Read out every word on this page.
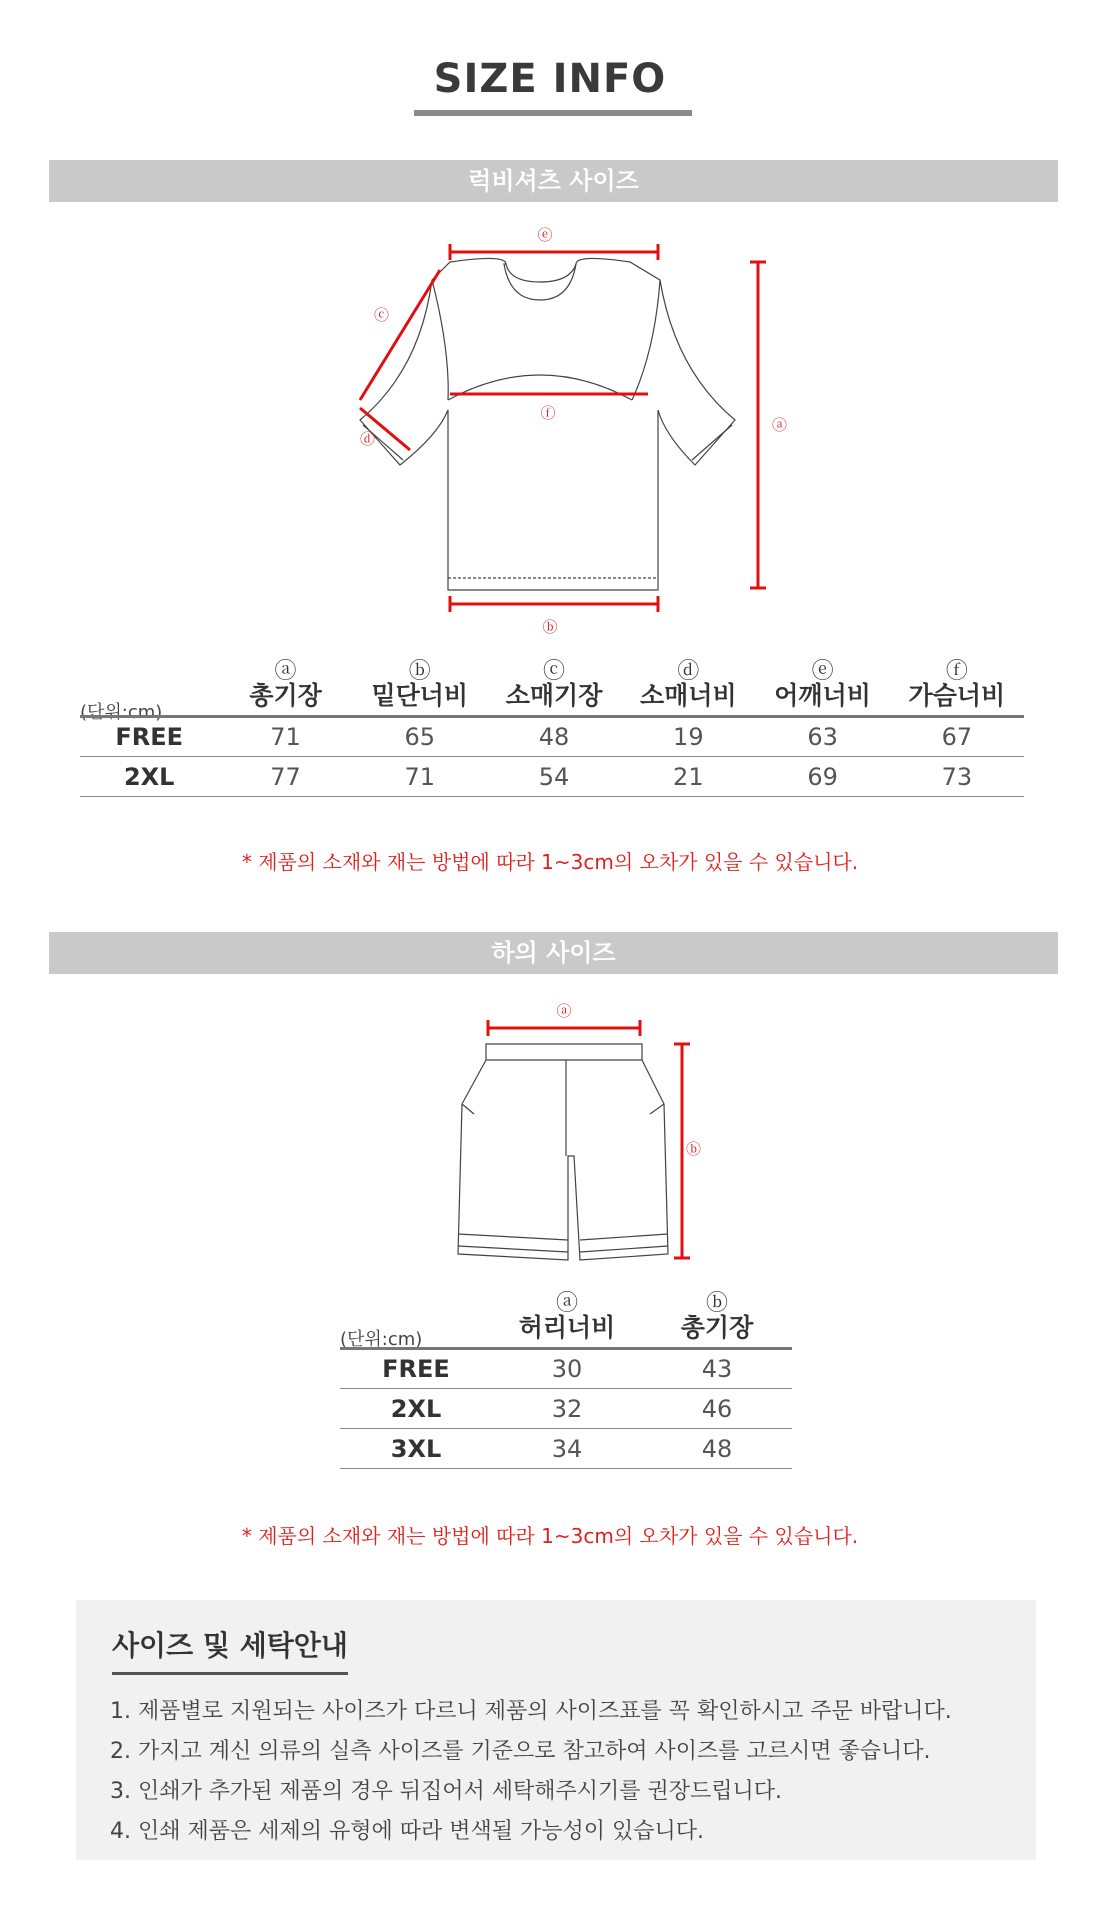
SIZE INFO
럭비셔츠 사이즈
ⓔ
ⓕ
ⓑ
ⓐ
ⓒ
ⓓ
(단위:cm)

	ⓐ
총기장	ⓑ
밑단너비	ⓒ
소매기장	ⓓ
소매너비	ⓔ
어깨너비	ⓕ
가슴너비
FREE	71	65	48	19	63	67
2XL	77	71	54	21	69	73
* 제품의 소재와 재는 방법에 따라 1~3cm의 오차가 있을 수 있습니다.
하의 사이즈
ⓐ
ⓑ
(단위:cm)

	ⓐ
허리너비	ⓑ
총기장
FREE	30	43
2XL	32	46
3XL	34	48
* 제품의 소재와 재는 방법에 따라 1~3cm의 오차가 있을 수 있습니다.
사이즈 및 세탁안내
1. 제품별로 지원되는 사이즈가 다르니 제품의 사이즈표를 꼭 확인하시고 주문 바랍니다.
2. 가지고 계신 의류의 실측 사이즈를 기준으로 참고하여 사이즈를 고르시면 좋습니다.
3. 인쇄가 추가된 제품의 경우 뒤집어서 세탁해주시기를 권장드립니다.
4. 인쇄 제품은 세제의 유형에 따라 변색될 가능성이 있습니다.
